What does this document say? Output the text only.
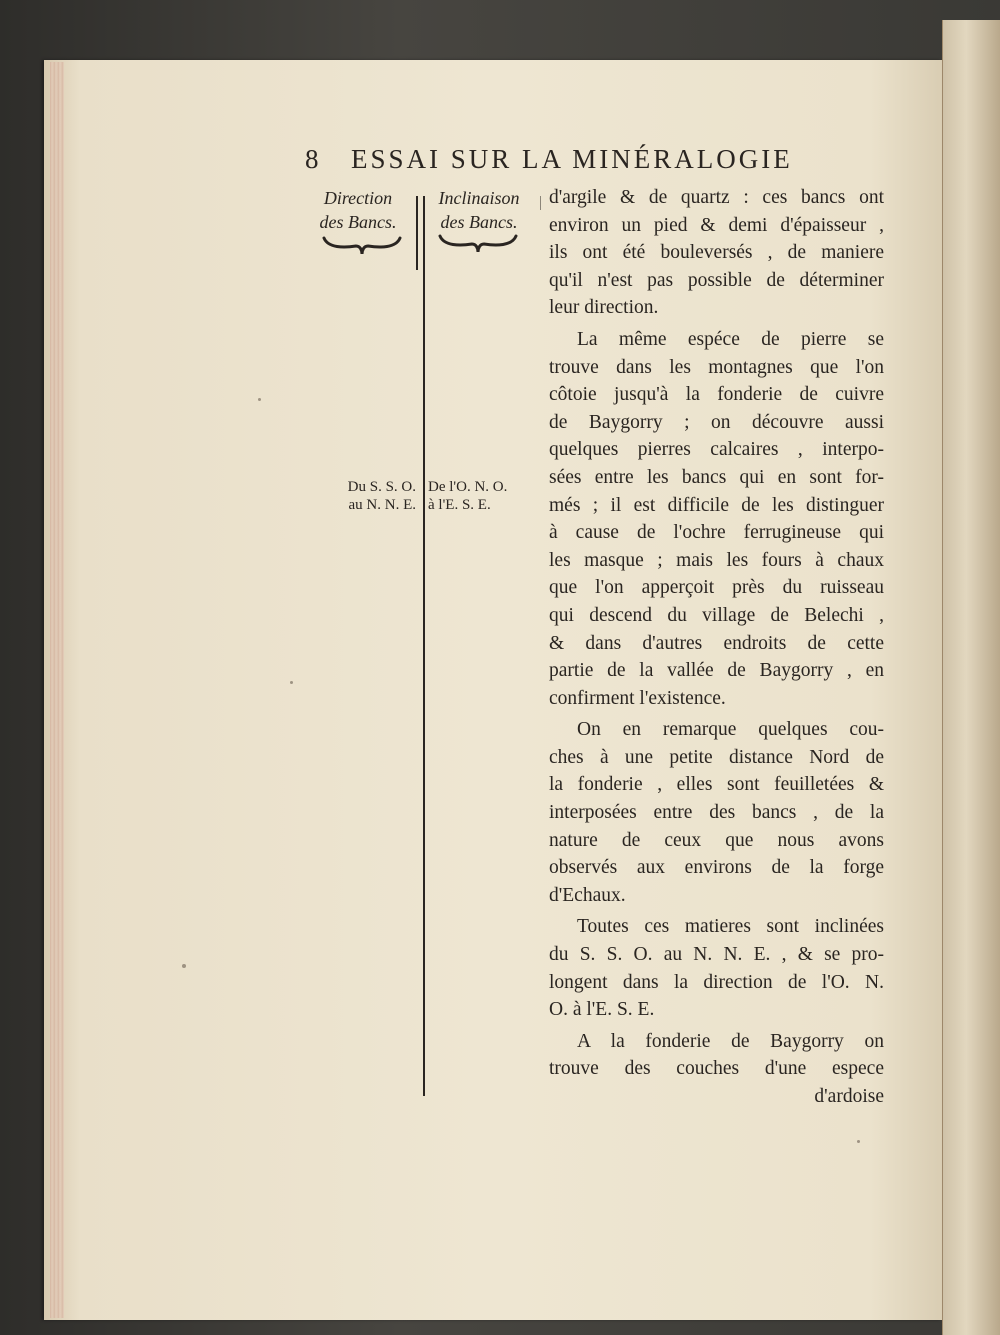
8 ESSAI SUR LA MINÉRALOGIE
Direction
des Bancs.
Inclinaison
des Bancs.
Du S. S. O.
au N. N. E.
De l'O. N. O.
à l'E. S. E.
d'argile & de quartz : ces bancs ont
environ un pied & demi d'épaisseur ,
ils ont été bouleversés , de maniere
qu'il n'est pas possible de déterminer
leur direction.
La même espéce de pierre se
trouve dans les montagnes que l'on
côtoie jusqu'à la fonderie de cuivre
de Baygorry ; on découvre aussi
quelques pierres calcaires , interpo-
sées entre les bancs qui en sont for-
més ; il est difficile de les distinguer
à cause de l'ochre ferrugineuse qui
les masque ; mais les fours à chaux
que l'on apperçoit près du ruisseau
qui descend du village de Belechi ,
& dans d'autres endroits de cette
partie de la vallée de Baygorry , en
confirment l'existence.
On en remarque quelques cou-
ches à une petite distance Nord de
la fonderie , elles sont feuilletées &
interposées entre des bancs , de la
nature de ceux que nous avons
observés aux environs de la forge
d'Echaux.
Toutes ces matieres sont inclinées
du S. S. O. au N. N. E. , & se pro-
longent dans la direction de l'O. N.
O. à l'E. S. E.
A la fonderie de Baygorry on
trouve des couches d'une espece
d'ardoise
